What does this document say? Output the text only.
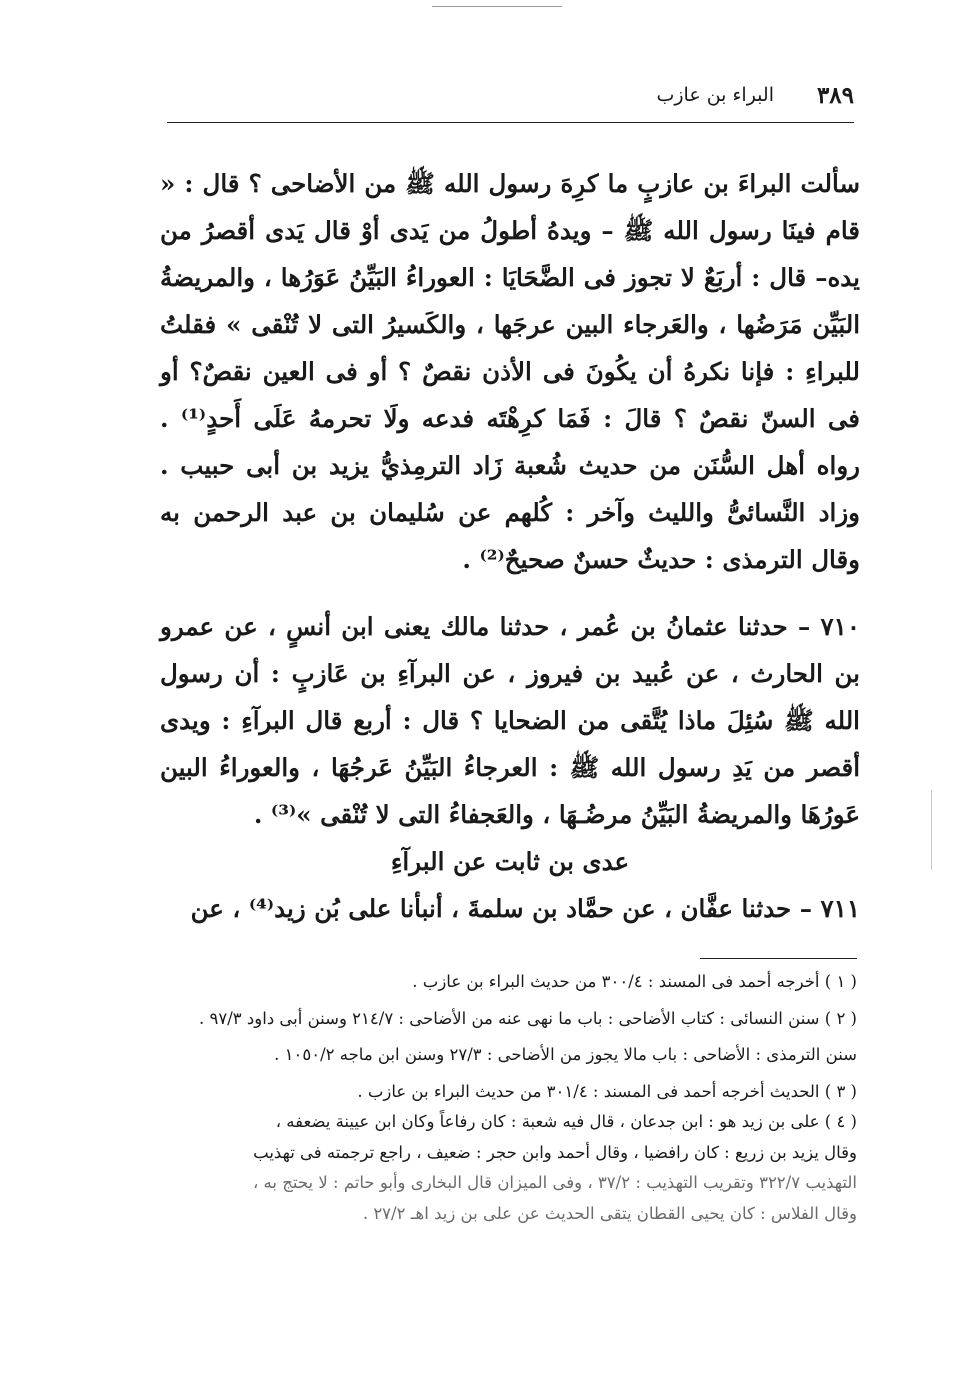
٣٨٩
البراء بن عازب

سألت البراءَ بن عازبٍ ما كرِهَ رسول الله ﷺ من الأضاحى ؟ قال : « قام فينَا رسول الله ﷺ – ويدهُ أطولُ من يَدى أوْ قال يَدى أقصرُ من يده– قال : أربَعٌ لا تجوز فى الضَّحَايَا : العوراءُ البَيِّنُ عَوَرُها ، والمريضةُ البَيِّن مَرَضُها ، والعَرجاء البين عرجَها ، والكَسيرُ التى لا تُنْقى » فقلتُ للبراءِ : فإنا نكرهُ أن يكُونَ فى الأذن نقصٌ ؟ أو فى العين نقصٌ؟ أو فى السنّ نقصٌ ؟ قالَ : فَمَا كرِهْتَه فدعه ولَا تحرمهُ عَلَى أَحدٍ⁽¹⁾ . رواه أهل السُّنَن من حديث شُعبة زَاد الترمِذيُّ يزيد بن أبى حبيب . وزاد النَّسائىُّ والليث وآخر : كُلهم عن سُليمان بن عبد الرحمن به وقال الترمذى : حديثٌ حسنٌ صحيحٌ⁽²⁾ .

٧١٠ – حدثنا عثمانُ بن عُمر ، حدثنا مالك يعنى ابن أنسٍ ، عن عمرو بن الحارث ، عن عُبيد بن فيروز ، عن البرآءِ بن عَازبٍ : أن رسول الله ﷺ سُئِلَ ماذا يُتَّقى من الضحايا ؟ قال : أربع قال البرآءِ : ويدى أقصر من يَدِ رسول الله ﷺ : العرجاءُ البَيِّنُ عَرجُهَا ، والعوراءُ البين عَورُهَا والمريضةُ البَيِّنُ مرضُـهَا ، والعَجفاءُ التى لا تُنْقى »⁽³⁾ .

عدى بن ثابت عن البرآءِ

٧١١ – حدثنا عفَّان ، عن حمَّاد بن سلمةَ ، أنبأنا على بُن زيد⁽⁴⁾ ، عن

( ١ ) أخرجه أحمد فى المسند : ٣٠٠/٤ من حديث البراء بن عازب .

( ٢ ) سنن النسائى : كتاب الأضاحى : باب ما نهى عنه من الأضاحى : ٢١٤/٧ وسنن أبى داود ٩٧/٣ .

سنن الترمذى : الأضاحى : باب مالا يجوز من الأضاحى : ٢٧/٣ وسنن ابن ماجه ١٠٥٠/٢ .

( ٣ ) الحديث أخرجه أحمد فى المسند : ٣٠١/٤ من حديث البراء بن عازب .

( ٤ ) على بن زيد هو : ابن جدعان ، قال فيه شعبة : كان رفاعاً وكان ابن عيينة يضعفه ،

وقال يزيد بن زريع : كان رافضيا ، وقال أحمد وابن حجر : ضعيف ، راجع ترجمته فى تهذيب

التهذيب ٣٢٢/٧ وتقريب التهذيب : ٣٧/٢ ، وفى الميزان قال البخارى وأبو حاتم : لا يحتج به ،

وقال الفلاس : كان يحيى القطان يتقى الحديث عن على بن زيد اهـ ٢٧/٢ .
